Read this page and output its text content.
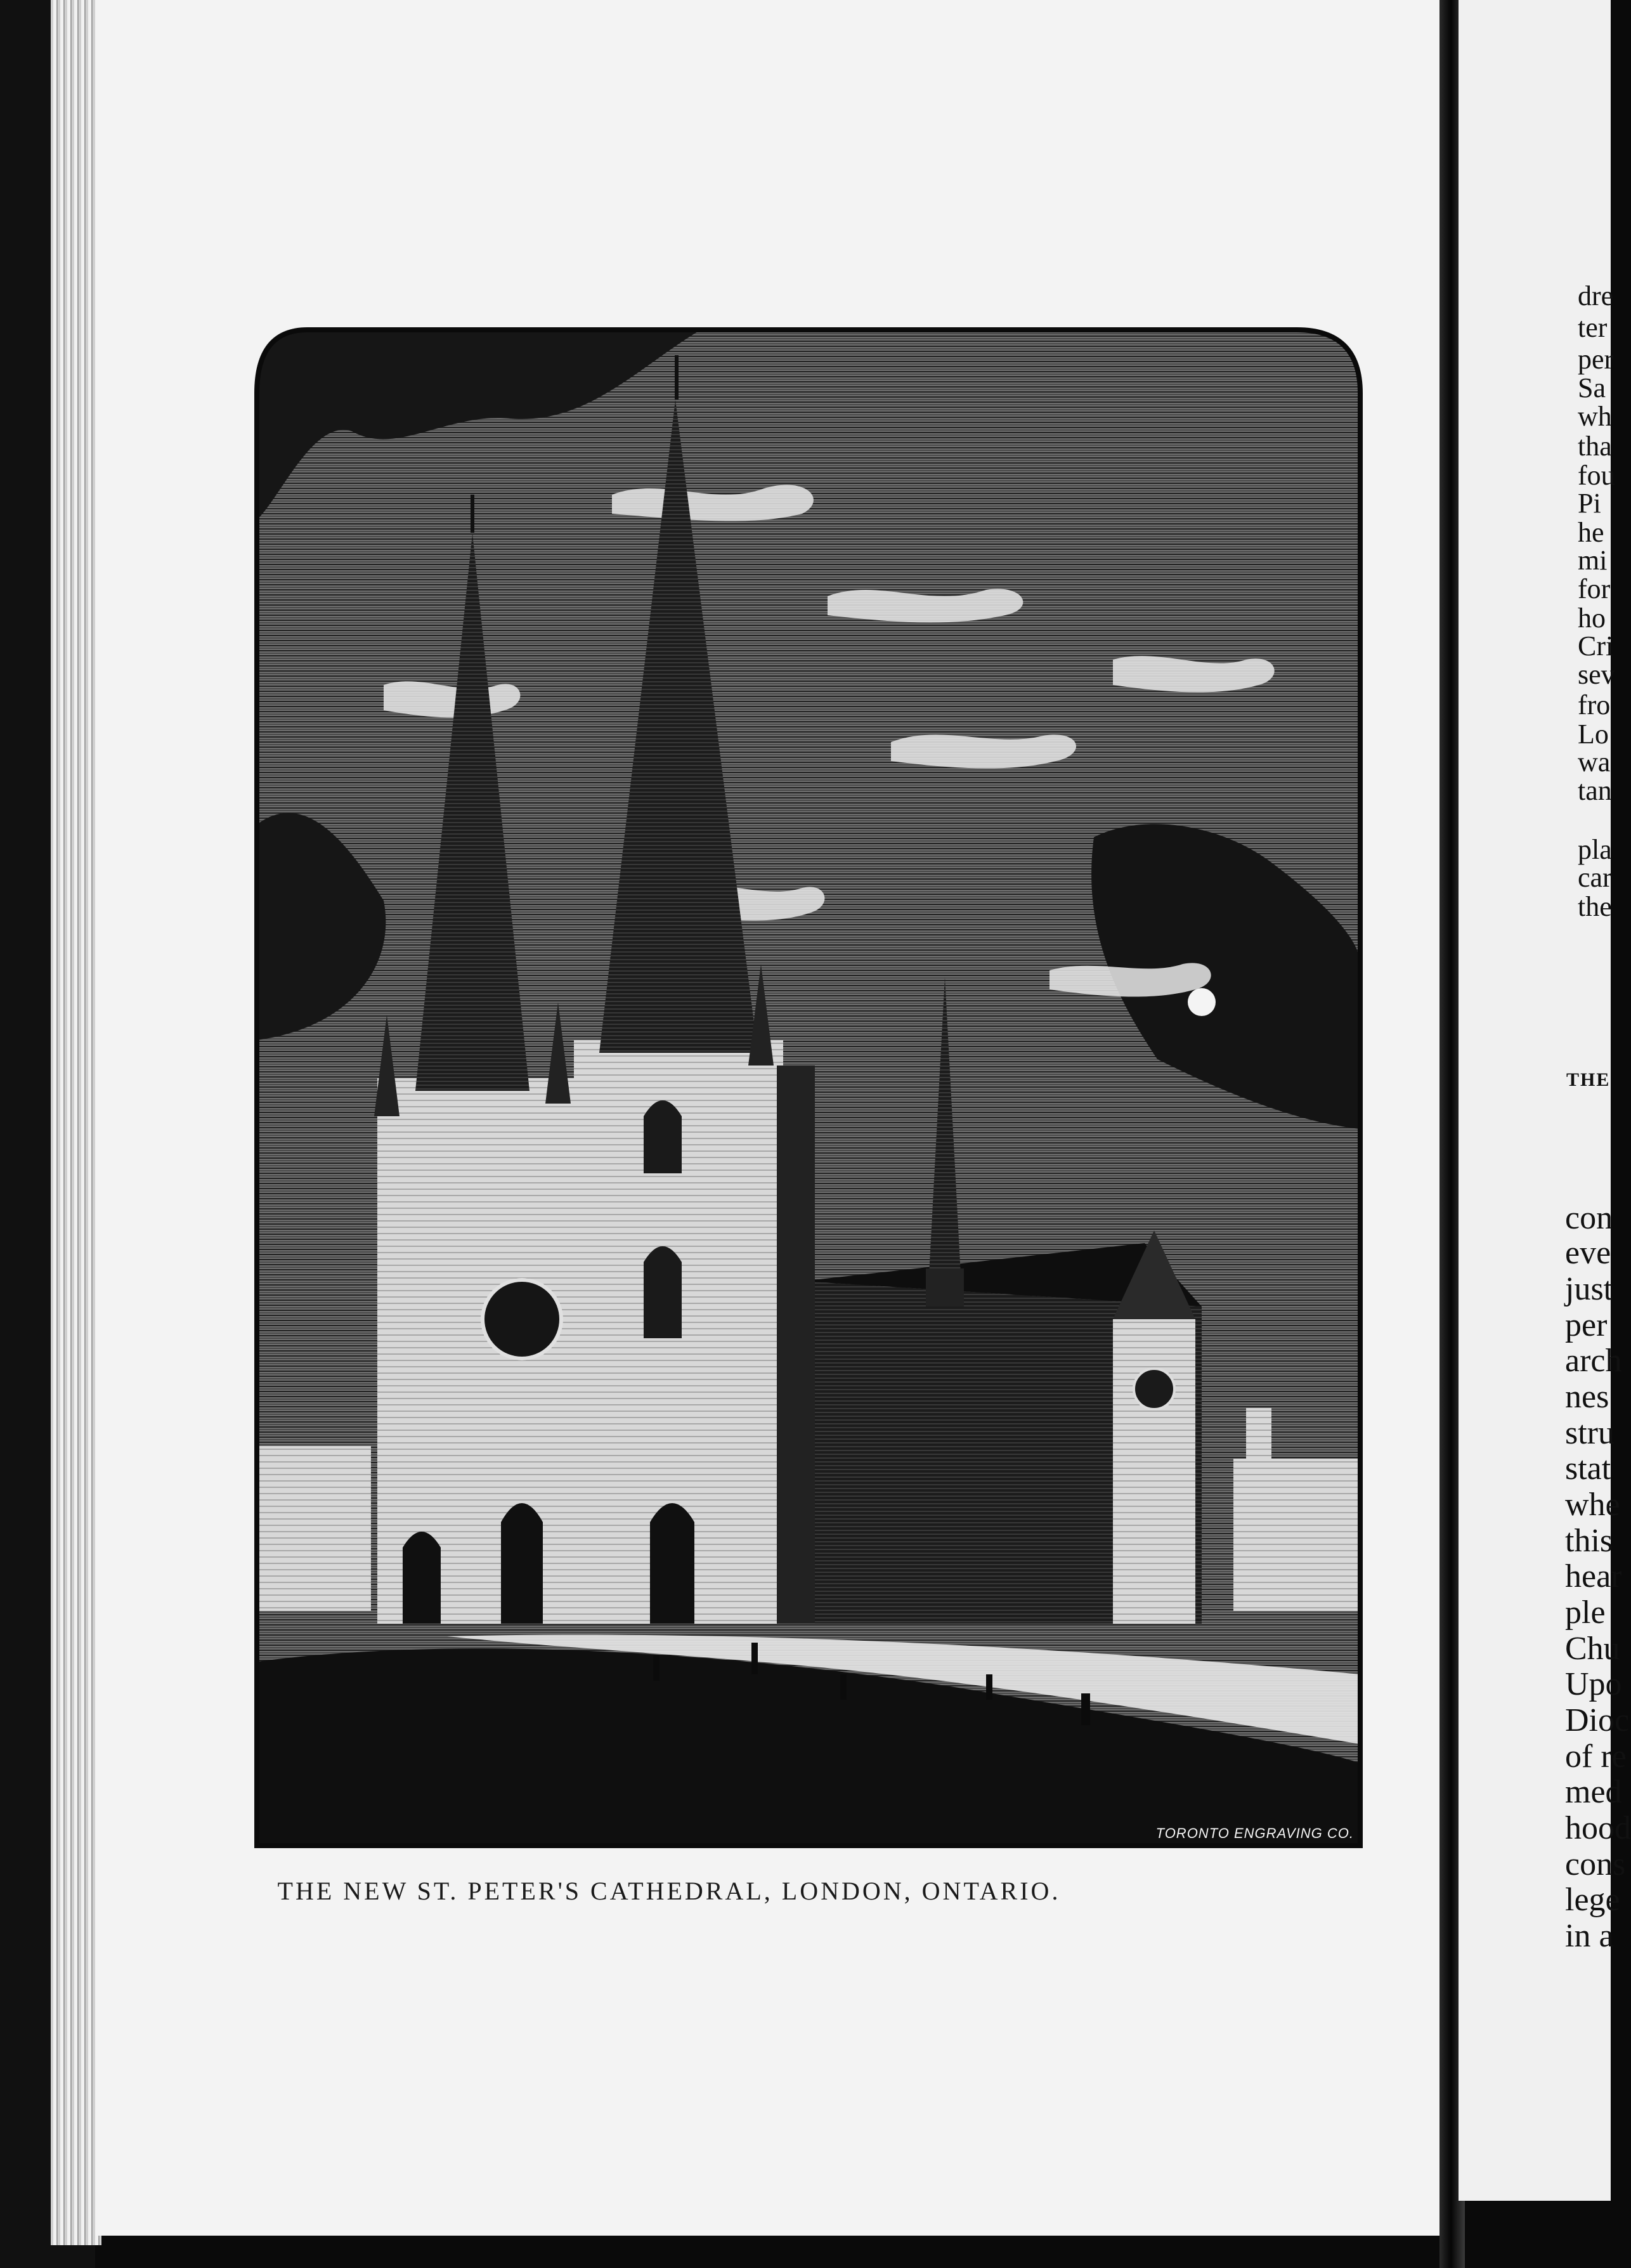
TORONTO ENGRAVING CO.
THE NEW ST. PETER'S CATHEDRAL, LONDON, ONTARIO.
dre
ter
per
Sa
wh
tha
fou
Pi
he
mi
for
ho
Cri
sev
fro
Lo
wa
tan
pla
car
the
THE
con
eve
just
per
arch
nes
stru
stat
whe
this
hear
ple
Chu
Upo
Dioc
of re
med
hood
cons
lege
in a
